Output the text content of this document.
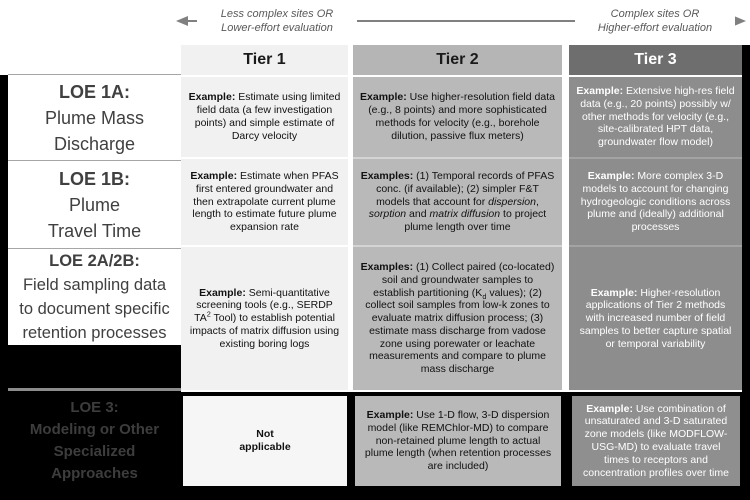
Less complex sites OR
Lower-effort evaluation
Complex sites OR
Higher-effort evaluation
Tier 1	Tier 2	Tier 3
Example: Estimate using limited field data (a few investigation points) and simple estimate of Darcy velocity
Example: Estimate when PFAS first entered groundwater and then extrapolate current plume length to estimate future plume expansion rate
Example: Semi-quantitative screening tools (e.g., SERDP $TA^2$ Tool) to establish potential impacts of matrix diffusion using existing boring logs
Example: Use higher-resolution field data (e.g., 8 points) and more sophisticated methods for velocity (e.g., borehole dilution, passive flux meters)
Examples: (1) Temporal records of PFAS conc. (if available); (2) simpler F&T models that account for dispersion, sorption and matrix diffusion to project plume length over time
Examples: (1) Collect paired (co-located) soil and groundwater samples to establish partitioning ($K_d$ values); (2) collect soil samples from low-k zones to evaluate matrix diffusion process; (3) estimate mass discharge from vadose zone using porewater or leachate measurements and compare to plume mass discharge
Example: Extensive high-res field data (e.g., 20 points) possibly w/ other methods for velocity (e.g., site-calibrated HPT data, groundwater flow model)
Example: More complex 3-D models to account for changing hydrogeologic conditions across plume and (ideally) additional processes
Example: Higher-resolution applications of Tier 2 methods with increased number of field samples to better capture spatial or temporal variability
LOE 1A:
Plume Mass
Discharge
LOE 1B:
Plume
Travel Time
LOE 2A/2B:
Field sampling data
to document specific
retention processes
LOE 3:
Modeling or Other
Specialized
Approaches
Not
applicable
Example: Use 1-D flow, 3-D dispersion model (like REMChlor-MD) to compare non-retained plume length to actual plume length (when retention processes are included)
Example: Use combination of unsaturated and 3-D saturated zone models (like MODFLOW-USG-MD) to evaluate travel times to receptors and concentration profiles over time
